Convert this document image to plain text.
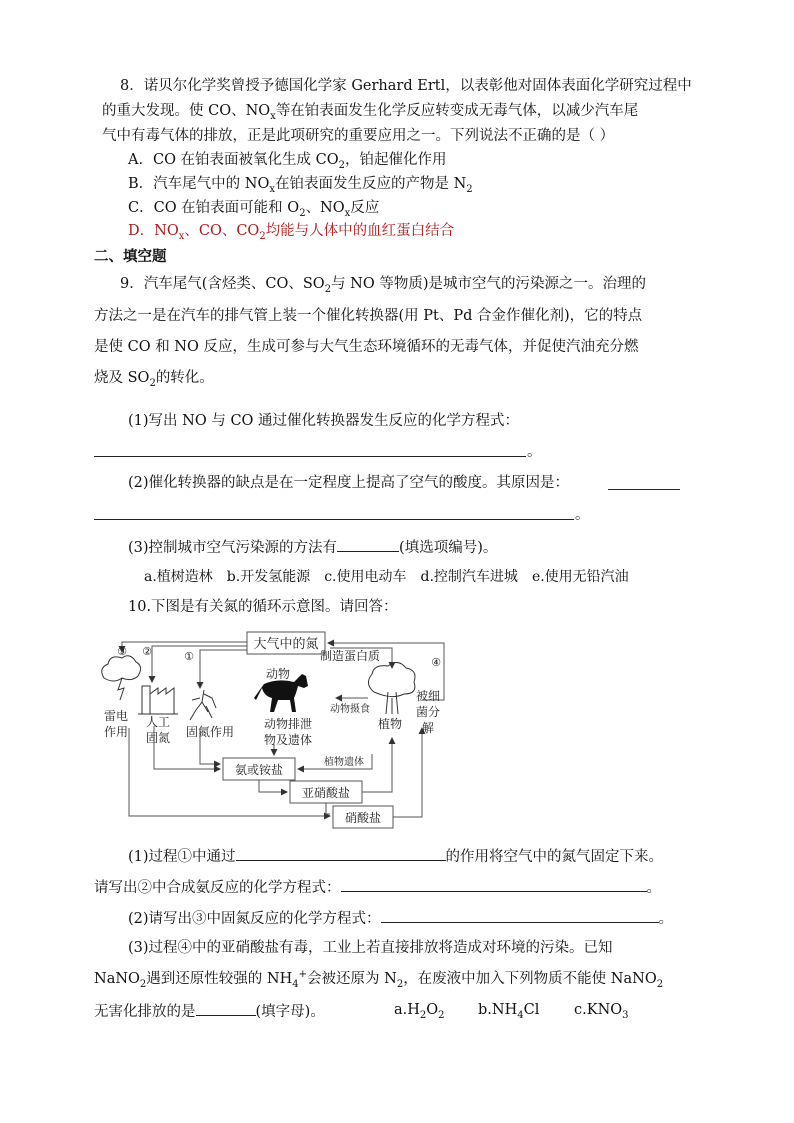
8．诺贝尔化学奖曾授予德国化学家 Gerhard Ertl，以表彰他对固体表面化学研究过程中
的重大发现。使 CO、$NO_x$等在铂表面发生化学反应转变成无毒气体，以减少汽车尾
气中有毒气体的排放，正是此项研究的重要应用之一。下列说法不正确的是（ ）
A．CO 在铂表面被氧化生成 $CO_2$，铂起催化作用
B．汽车尾气中的 $NO_x$在铂表面发生反应的产物是 $N_2$
C．CO 在铂表面可能和 $O_2$、$NO_x$反应
D．$NO_x$、CO、$CO_2$均能与人体中的血红蛋白结合
二、填空题
9．汽车尾气(含烃类、CO、$SO_2$与 NO 等物质)是城市空气的污染源之一。治理的
方法之一是在汽车的排气管上装一个催化转换器(用 Pt、Pd 合金作催化剂)，它的特点
是使 CO 和 NO 反应，生成可参与大气生态环境循环的无毒气体，并促使汽油充分燃
烧及 $SO_2$的转化。
(1)写出 NO 与 CO 通过催化转换器发生反应的化学方程式：
。
(2)催化转换器的缺点是在一定程度上提高了空气的酸度。其原因是：
。
(3)控制城市空气污染源的方法有	(填选项编号)。
a.植树造林 b.开发氢能源 c.使用电动车 d.控制汽车进城 e.使用无铅汽油
10.下图是有关氮的循环示意图。请回答：
大气中的氮
制造蛋白质
动物
动物排泄
物及遗体
动物摄食
植物
植物遗体
被细
菌分
解
雷电
作用
人工
固氮 固氮作用
氨或铵盐
亚硝酸盐
硝酸盐
①
②
③
④
(1)过程①中通过	的作用将空气中的氮气固定下来。
请写出②中合成氨反应的化学方程式：	。
(2)请写出③中固氮反应的化学方程式：	。
(3)过程④中的亚硝酸盐有毒，工业上若直接排放将造成对环境的污染。已知
NaNO$_2$遇到还原性较强的 $NH_4^+$会被还原为 $N_2$，在废液中加入下列物质不能使 NaNO$_2$
无害化排放的是	(填字母)。	$a.H_2O_2$ $b.NH_4Cl$ $c.KNO_3$
